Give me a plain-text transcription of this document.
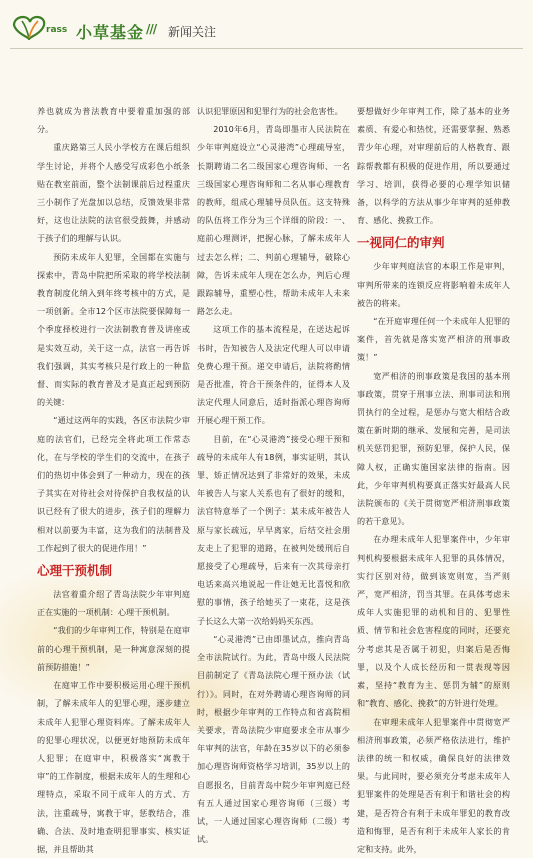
rass 小草基金 /// 新闻关注

养也就成为普法教育中要着重加强的部分。

重庆路第三人民小学校方在课后组织学生讨论，并将个人感受写成彩色小纸条贴在教室前面，整个法制课前后过程重庆三小制作了光盘加以总结，反馈效果非常好，这也让法院的法官很受鼓舞，并感动于孩子们的理解与认识。

预防未成年人犯罪，全国都在实施与探索中，青岛中院把所采取的将学校法制教育制度化纳入到年终考核中的方式，是一项创新。全市12个区市法院要保障每一个季度择校进行一次法制教育普及讲座或是实效互动，关于这一点，法官一再告诉我们强调，其实考核只是行政上的一种监督、而实际的教育普及才是真正起到预防的关键：

“通过这两年的实践，各区市法院少审庭的法官们，已经完全将此项工作常态化，在与学校的学生们的交流中，在孩子们的热切中体会到了一种动力，现在的孩子其实在对待社会对待保护自我权益的认识已经有了很大的进步，孩子们的理解力相对以前要为丰富，这为我们的法制普及工作起到了很大的促进作用！”

心理干预机制

法官着重介绍了青岛法院少年审判庭正在实施的一项机制：心理干预机制。

“我们的少年审判工作，特别是在庭审前的心理干预机制，是一种寓意深刻的提前预防措施！”

在庭审工作中要积极运用心理干预机制，了解未成年人的犯罪心理，逐步建立未成年人犯罪心理资料库。了解未成年人的犯罪心理状况，以便更好地预防未成年人犯罪；在庭审中，积极落实“寓教于审”的工作制度，根据未成年人的生理和心理特点，采取不同于成年人的方式、方法，注重疏导，寓教于审，惩教结合，准确、合法、及时地查明犯罪事实、核实证据，并且帮助其

认识犯罪原因和犯罪行为的社会危害性。

2010年6月，青岛即墨市人民法院在少年审判庭设立“心灵港湾”心理疏导室，长期聘请二名二级国家心理咨询师、一名三级国家心理咨询师和二名从事心理教育的教师，组成心理辅导员队伍。这支特殊的队伍将工作分为三个详细的阶段：一、庭前心理测评，把握心脉，了解未成年人过去怎么样；二、判前心理辅导，破除心障，告诉未成年人现在怎么办，判后心理跟踪辅导，重塑心性，帮助未成年人未来路怎么走。

这项工作的基本流程是，在送达起诉书时，告知被告人及法定代理人可以申请免费心理干预。递交申请后，法院将酌情是否批准，符合干预条件的，征得本人及法定代理人同意后，适时指派心理咨询师开展心理干预工作。

目前，在“心灵港湾”接受心理干预和疏导的未成年人有18例，事实证明，其认罪、矫正情况达到了非常好的效果，未成年被告人与家人关系也有了很好的缓和，法官特意举了一个例子：某未成年被告人原与家长疏远，早早离家，后结交社会朋友走上了犯罪的道路，在被判处缓刑后自愿接受了心理疏导，后来有一次其母亲打电话来高兴地说起一件让她无比喜悦和欣慰的事情，孩子给她买了一束花，这是孩子长这么大第一次给妈妈买东西。

“心灵港湾”已由即墨试点，推向青岛全市法院试行。为此，青岛中级人民法院目前制定了《青岛法院心理干预办法（试行）》。同时，在对外聘请心理咨询师的同时，根据少年审判的工作特点和省高院相关要求，青岛法院少审庭要求全市从事少年审判的法官，年龄在35岁以下的必须参加心理咨询师资格学习培训，35岁以上的自愿报名，目前青岛中院少年审判庭已经有五人通过国家心理咨询师（三级）考试，一人通过国家心理咨询师（二级）考试。

要想做好少年审判工作，除了基本的业务素质、有爱心和热忱，还需要掌握、熟悉青少年心理，对审理前后的人格教育、跟踪帮教都有积极的促进作用，所以要通过学习、培训，获得必要的心理学知识储备，以科学的方法从事少年审判的延伸教育、感化、挽救工作。

一视同仁的审判

少年审判庭法官的本职工作是审判，审判所带来的连锁反应将影响着未成年人被告的将来。

“在开庭审理任何一个未成年人犯罪的案件，首先就是落实宽严相济的刑事政策！”

宽严相济的刑事政策是我国的基本刑事政策，贯穿于刑事立法、刑事司法和刑罚执行的全过程，是惩办与宽大相结合政策在新时期的继承、发展和完善，是司法机关惩罚犯罪，预防犯罪，保护人民，保障人权，正确实施国家法律的指南。因此，少年审判机构要真正落实好最高人民法院颁布的《关于贯彻宽严相济刑事政策的若干意见》。

在办理未成年人犯罪案件中，少年审判机构要根据未成年人犯罪的具体情况，实行区别对待，做到该宽则宽，当严则严，宽严相济，罚当其罪。在具体考虑未成年人实施犯罪的动机和目的、犯罪性质、情节和社会危害程度的同时，还要充分考虑其是否属于初犯，归案后是否悔罪，以及个人成长经历和一贯表现等因素，坚持“教育为主、惩罚为辅”的原则和“教育、感化、挽救”的方针进行处理。

在审理未成年人犯罪案件中贯彻宽严相济刑事政策，必须严格依法进行，维护法律的统一和权威，确保良好的法律效果。与此同时，要必须充分考虑未成年人犯罪案件的处理是否有利于和谐社会的构建，是否符合有利于未成年罪犯的教育改造和悔罪，是否有利于未成年人家长的肯定和支持。此外，
